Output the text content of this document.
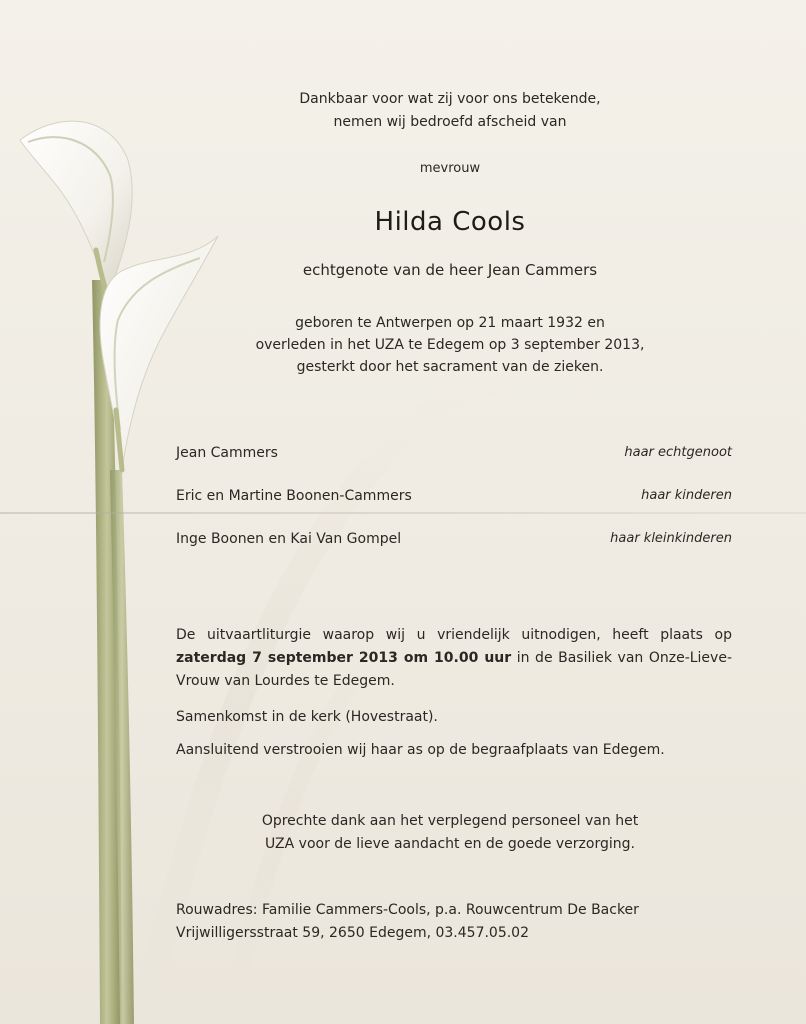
Dankbaar voor wat zij voor ons betekende,
nemen wij bedroefd afscheid van
mevrouw
Hilda Cools
echtgenote van de heer Jean Cammers
geboren te Antwerpen op 21 maart 1932 en
overleden in het UZA te Edegem op 3 september 2013,
gesterkt door het sacrament van de zieken.
Jean Cammers	haar echtgenoot
Eric en Martine Boonen-Cammers	haar kinderen
Inge Boonen en Kai Van Gompel	haar kleinkinderen
De uitvaartliturgie waarop wij u vriendelijk uitnodigen, heeft plaats op zaterdag 7 september 2013 om 10.00 uur in de Basiliek van Onze-Lieve-Vrouw van Lourdes te Edegem.
Samenkomst in de kerk (Hovestraat).
Aansluitend verstrooien wij haar as op de begraafplaats van Edegem.
Oprechte dank aan het verplegend personeel van het
UZA voor de lieve aandacht en de goede verzorging.
Rouwadres: Familie Cammers-Cools, p.a. Rouwcentrum De Backer
Vrijwilligersstraat 59, 2650 Edegem, 03.457.05.02
